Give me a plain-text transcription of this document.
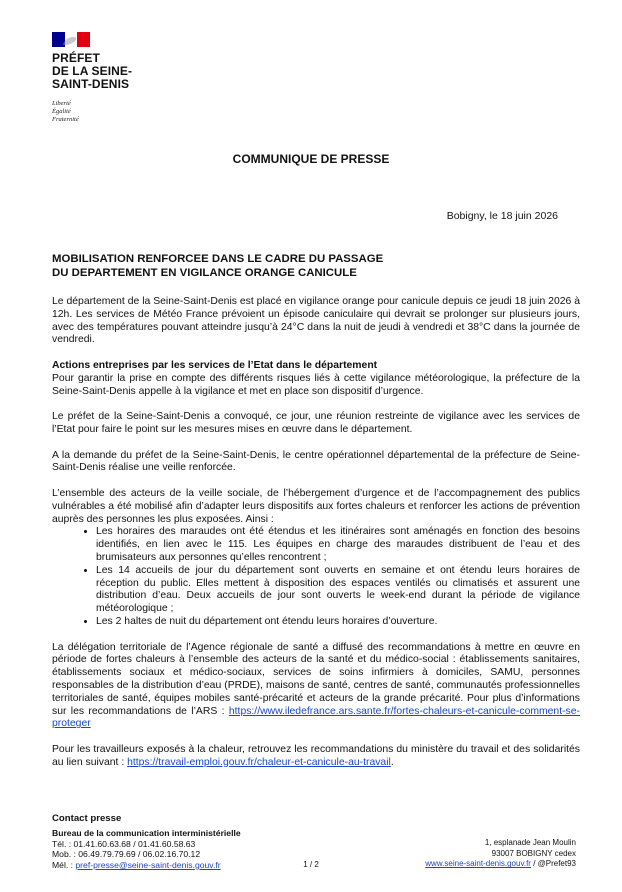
PRÉFET
DE LA SEINE-
SAINT-DENIS
Liberté
Égalité
Fraternité
COMMUNIQUE DE PRESSE
Bobigny, le 18 juin 2026
MOBILISATION RENFORCEE DANS LE CADRE DU PASSAGE
DU DEPARTEMENT EN VIGILANCE ORANGE CANICULE

Le département de la Seine-Saint-Denis est placé en vigilance orange pour canicule depuis ce jeudi 18 juin 2026 à 12h. Les services de Météo France prévoient un épisode caniculaire qui devrait se prolonger sur plusieurs jours, avec des températures pouvant atteindre jusqu’à 24°C dans la nuit de jeudi à vendredi et 38°C dans la journée de vendredi.

Actions entreprises par les services de l’Etat dans le département

Pour garantir la prise en compte des différents risques liés à cette vigilance météorologique, la préfecture de la Seine-Saint-Denis appelle à la vigilance et met en place son dispositif d’urgence.

Le préfet de la Seine-Saint-Denis a convoqué, ce jour, une réunion restreinte de vigilance avec les services de l’Etat pour faire le point sur les mesures mises en œuvre dans le département.

A la demande du préfet de la Seine-Saint-Denis, le centre opérationnel départemental de la préfecture de Seine-Saint-Denis réalise une veille renforcée.

L’ensemble des acteurs de la veille sociale, de l’hébergement d’urgence et de l’accompagnement des publics vulnérables a été mobilisé afin d’adapter leurs dispositifs aux fortes chaleurs et renforcer les actions de prévention auprès des personnes les plus exposées. Ainsi :

• Les horaires des maraudes ont été étendus et les itinéraires sont aménagés en fonction des besoins identifiés, en lien avec le 115. Les équipes en charge des maraudes distribuent de l’eau et des brumisateurs aux personnes qu’elles rencontrent ;
• Les 14 accueils de jour du département sont ouverts en semaine et ont étendu leurs horaires de réception du public. Elles mettent à disposition des espaces ventilés ou climatisés et assurent une distribution d’eau. Deux accueils de jour sont ouverts le week-end durant la période de vigilance météorologique ;
• Les 2 haltes de nuit du département ont étendu leurs horaires d’ouverture.

La délégation territoriale de l’Agence régionale de santé a diffusé des recommandations à mettre en œuvre en période de fortes chaleurs à l’ensemble des acteurs de la santé et du médico-social : établissements sanitaires, établissements sociaux et médico-sociaux, services de soins infirmiers à domiciles, SAMU, personnes responsables de la distribution d’eau (PRDE), maisons de santé, centres de santé, communautés professionnelles territoriales de santé, équipes mobiles santé-précarité et acteurs de la grande précarité. Pour plus d’informations sur les recommandations de l’ARS : https://www.iledefrance.ars.sante.fr/fortes-chaleurs-et-canicule-comment-se-proteger

Pour les travailleurs exposés à la chaleur, retrouvez les recommandations du ministère du travail et des solidarités au lien suivant : https://travail-emploi.gouv.fr/chaleur-et-canicule-au-travail.

Contact presse
Bureau de la communication interministérielle
Tél. : 01.41.60.63.68 / 01.41.60.58.63
Mob. : 06.49.79.79.69 / 06.02.16.70.12
Mél. : pref-presse@seine-saint-denis.gouv.fr	1 / 2
1, esplanade Jean Moulin
93007 BOBIGNY cedex
www.seine-saint-denis.gouv.fr / @Prefet93
